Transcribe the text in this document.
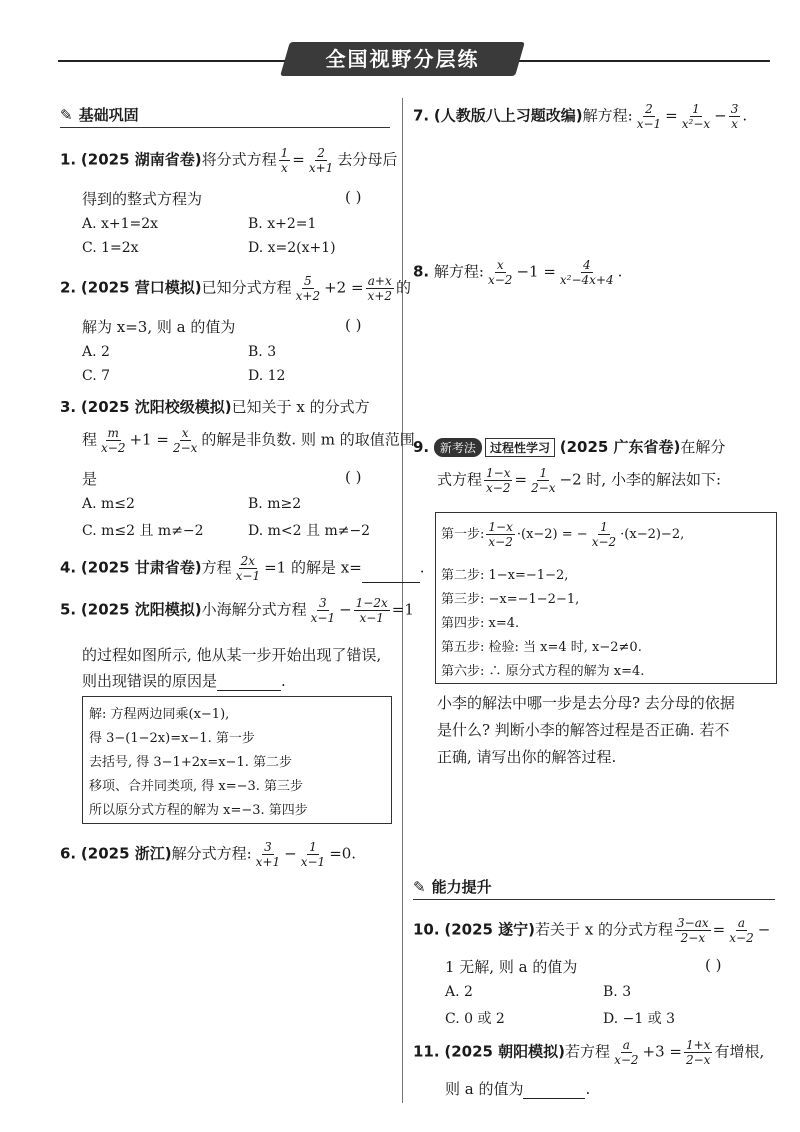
全国视野分层练
✎ 基础巩固
1. (2025 湖南省卷)将分式方程 $\frac{1}{x} = \frac{2}{x+1}$ 去分母后
得到的整式方程为	( )
A. x+1=2x	B. x+2=1
C. 1=2x	D. x=2(x+1)
2. (2025 营口模拟)已知分式方程 $\frac{5}{x+2} +2 = \frac{a+x}{x+2}$ 的
解为 x=3, 则 a 的值为	( )
A. 2	B. 3
C. 7	D. 12
3. (2025 沈阳校级模拟)已知关于 x 的分式方
程 $\frac{m}{x-2} +1 = \frac{x}{2-x}$ 的解是非负数. 则 m 的取值范围
是	( )
A. m≤2	B. m≥2
C. m≤2 且 m≠−2	D. m<2 且 m≠−2
4. (2025 甘肃省卷)方程 $\frac{2x}{x-1} =1$ 的解是 x=	.
5. (2025 沈阳模拟)小海解分式方程 $\frac{3}{x-1} - \frac{1-2x}{x-1} =1$
的过程如图所示, 他从某一步开始出现了错误,
则出现错误的原因是	.
解: 方程两边同乘(x−1),
得 3−(1−2x)=x−1. 第一步
去括号, 得 3−1+2x=x−1. 第二步
移项、合并同类项, 得 x=−3. 第三步
所以原分式方程的解为 x=−3. 第四步
6. (2025 浙江)解分式方程: $\frac{3}{x+1} - \frac{1}{x-1} =0$.
7. (人教版八上习题改编)解方程: $\frac{2}{x-1} = \frac{1}{\text{x²−x}} - \frac{3}{x}$ .
8. 解方程: $\frac{x}{x-2} -1 = \frac{4}{\text{x²−4x+4}}$ .
9. 新考法	过程性学习 (2025 广东省卷)在解分
式方程 $\frac{1-x}{x-2} = \frac{1}{2-x} -2$ 时, 小李的解法如下:
第一步: $\frac{1-x}{x-2} \cdot(x-2)$ = − $\frac{1}{x-2} \cdot(x-2)-2$,
第二步: 1−x=−1−2,
第三步: −x=−1−2−1,
第四步: x=4.
第五步: 检验: 当 x=4 时, x−2≠0.
第六步: ∴ 原分式方程的解为 x=4.
小李的解法中哪一步是去分母? 去分母的依据
是什么? 判断小李的解答过程是否正确. 若不
正确, 请写出你的解答过程.
✎ 能力提升
10. (2025 遂宁)若关于 x 的分式方程 $\frac{3-ax}{2-x} = \frac{a}{x-2}$ −
1 无解, 则 a 的值为	( )
A. 2	B. 3
C. 0 或 2	D. −1 或 3
11. (2025 朝阳模拟)若方程 $\frac{a}{x-2} +3 = \frac{1+x}{2-x}$ 有增根,
则 a 的值为	.
